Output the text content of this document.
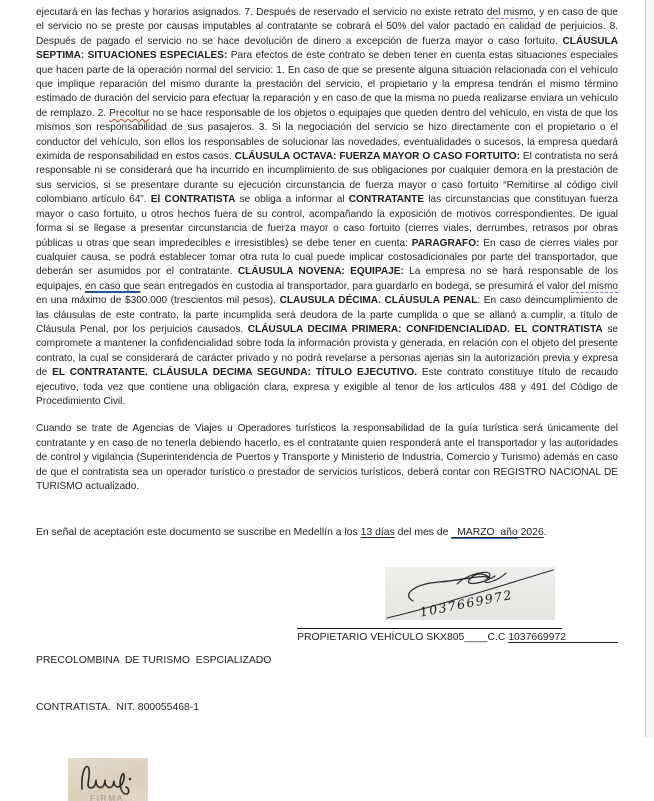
ejecutará en las fechas y horarios asignados. 7. Después de reservado el servicio no existe retrato del mismo, y en caso de que el servicio no se preste por causas imputables al contratante se cobrará el 50% del valor pactado en calidad de perjuicios. 8. Después de pagado el servicio no se hace devolución de dinero a excepción de fuerza mayor o caso fortuito. CLÁUSULA SEPTIMA: SITUACIONES ESPECIALES: Para efectos de este contrato se deben tener en cuenta estas situaciones especiales que hacen parte de la operación normal del servicio: 1. En caso de que se presente alguna situación relacionada con el vehículo que implique reparación del mismo durante la prestación del servicio, el propietario y la empresa tendrán el mismo término estimado de duración del servicio para efectuar la reparación y en caso de que la misma no pueda realizarse enviara un vehículo de remplazo. 2. Precoltur no se hace responsable de los objetos o equipajes que queden dentro del vehículo, en vista de que los mismos son responsabilidad de sus pasajeros. 3. Si la negociación del servicio se hizo directamente con el propietario o el conductor del vehículo, son ellos los responsables de solucionar las novedades, eventualidades o sucesos, la empresa quedará eximida de responsabilidad en estos casos. CLÁUSULA OCTAVA: FUERZA MAYOR O CASO FORTUITO: El contratista no será responsable ni se considerará que ha incurrido en incumplimiento de sus obligaciones por cualquier demora en la prestación de sus servicios, si se presentare durante su ejecución circunstancia de fuerza mayor o caso fortuito “Remitirse al código civil colombiano artículo 64”. El CONTRATISTA se obliga a informar al CONTRATANTE las circunstancias que constituyan fuerza mayor o caso fortuito, u otros hechos fuera de su control, acompañando la exposición de motivos correspondientes. De igual forma si se llegase a presentar circunstancia de fuerza mayor o caso fortuito (cierres viales, derrumbes, retrasos por obras públicas u otras que sean impredecibles e irresistibles) se debe tener en cuenta: PARAGRAFO: En caso de cierres viales por cualquier causa, se podrá establecer tomar otra ruta lo cual puede implicar costosadicionales por parte del transportador, que deberán ser asumidos por el contratante. CLÁUSULA NOVENA: EQUIPAJE: La empresa no se hará responsable de los equipajes, en caso que sean entregados en custodia al transportador, para guardarlo en bodega, se presumirá el valor del mismo en una máximo de $300.000 (trescientos mil pesos). CLAUSULA DÉCIMA. CLÁUSULA PENAL: En caso deincumplimiento de las cláusulas de este contrato, la parte incumplida será deudora de la parte cumplida o que se allanó a cumplir, a título de Cláusula Penal, por los perjuicios causados. CLÁUSULA DECIMA PRIMERA: CONFIDENCIALIDAD. EL CONTRATISTA se compromete a mantener la confidencialidad sobre toda la información provista y generada, en relación con el objeto del presente contrato, la cual se considerará de carácter privado y no podrá revelarse a personas ajenas sin la autorización previa y expresa de EL CONTRATANTE. CLÁUSULA DECIMA SEGUNDA: TÍTULO EJECUTIVO. Este contrato constituye título de recaudo ejecutivo, toda vez que contiene una obligación clara, expresa y exigible al tenor de los artículos 488 y 491 del Código de Procedimiento Civil.

Cuando se trate de Agencias de Viajes u Operadores turísticos la responsabilidad de la guía turística será únicamente del contratante y en caso de no tenerla debiendo hacerlo, es el contratante quien responderá ante el transportador y las autoridades de control y vigilancia (Superintendencia de Puertos y Transporte y Ministerio de Industria, Comercio y Turismo) además en caso de que el contratista sea un operador turístico o prestador de servicios turísticos, deberá contar con REGISTRO NACIONAL DE TURISMO actualizado.

En señal de aceptación este documento se suscribe en Medellín a los 13 días del mes de   MARZO  año 2026.

1037669972

PRECOLOMBINA  DE TURISMO  ESPCIALIZADO

CONTRATISTA.  NIT. 800055468-1

PROPIETARIO VEHÍCULO SKX805____C.C 1037669972
FIRMA
